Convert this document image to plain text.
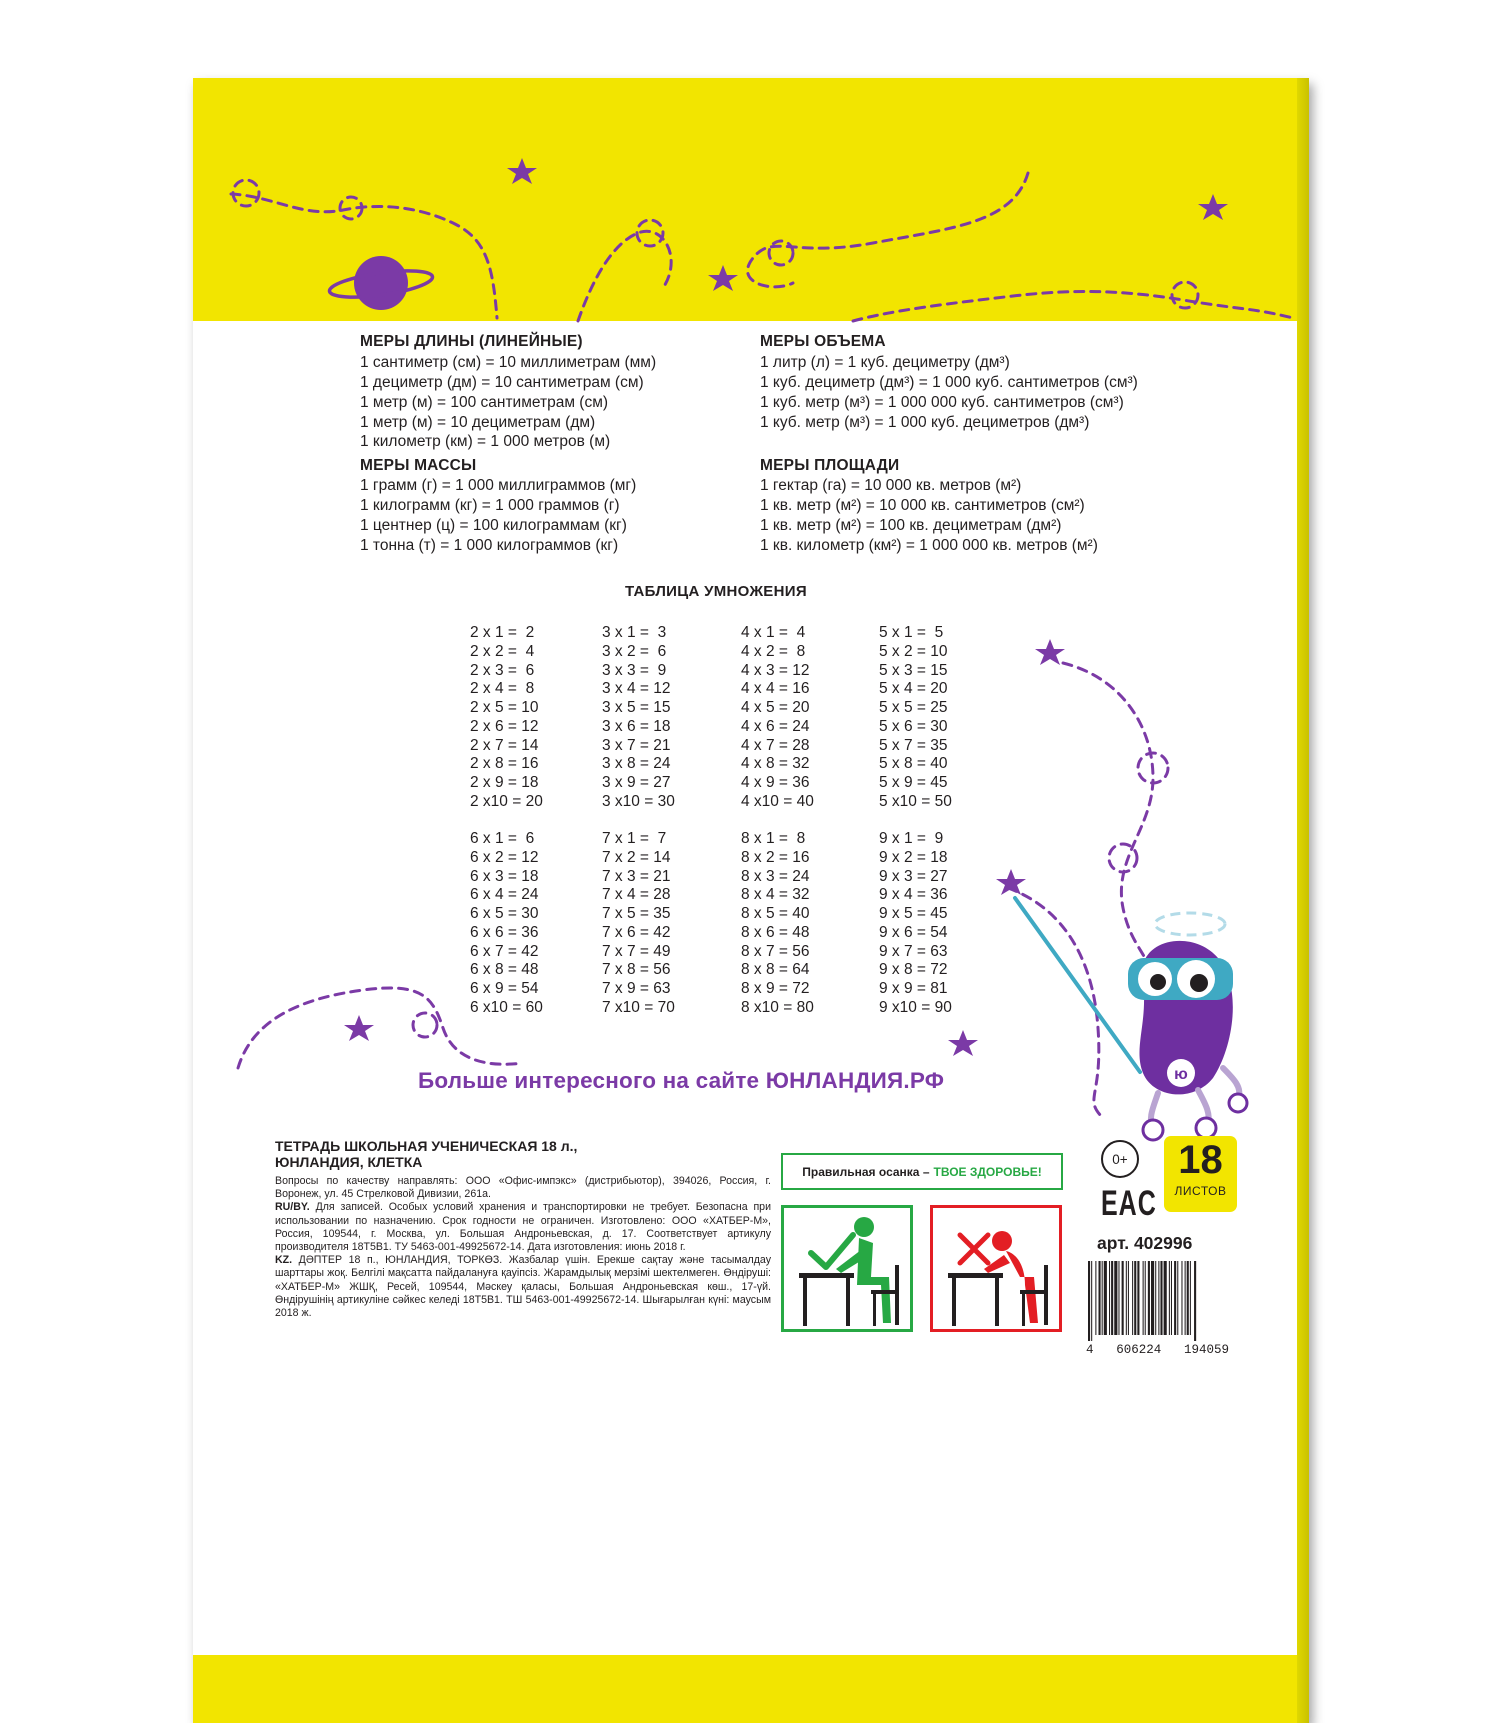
ю
МЕРЫ ДЛИНЫ (ЛИНЕЙНЫЕ)
1 сантиметр (см) = 10 миллиметрам (мм)
1 дециметр (дм) = 10 сантиметрам (см)
1 метр (м) = 100 сантиметрам (см)
1 метр (м) = 10 дециметрам (дм)
1 километр (км) = 1 000 метров (м)
МЕРЫ МАССЫ
1 грамм (г) = 1 000 миллиграммов (мг)
1 килограмм (кг) = 1 000 граммов (г)
1 центнер (ц) = 100 килограммам (кг)
1 тонна (т) = 1 000 килограммов (кг)
МЕРЫ ОБЪЕМА
1 литр (л) = 1 куб. дециметру (дм³)
1 куб. дециметр (дм³) = 1 000 куб. сантиметров (см³)
1 куб. метр (м³) = 1 000 000 куб. сантиметров (см³)
1 куб. метр (м³) = 1 000 куб. дециметров (дм³)
МЕРЫ ПЛОЩАДИ
1 гектар (га) = 10 000 кв. метров (м²)
1 кв. метр (м²) = 10 000 кв. сантиметров (см²)
1 кв. метр (м²) = 100 кв. дециметрам (дм²)
1 кв. километр (км²) = 1 000 000 кв. метров (м²)
ТАБЛИЦА УМНОЖЕНИЯ
2 x 1 =  2
2 x 2 =  4
2 x 3 =  6
2 x 4 =  8
2 x 5 = 10
2 x 6 = 12
2 x 7 = 14
2 x 8 = 16
2 x 9 = 18
2 x10 = 20
3 x 1 =  3
3 x 2 =  6
3 x 3 =  9
3 x 4 = 12
3 x 5 = 15
3 x 6 = 18
3 x 7 = 21
3 x 8 = 24
3 x 9 = 27
3 x10 = 30
4 x 1 =  4
4 x 2 =  8
4 x 3 = 12
4 x 4 = 16
4 x 5 = 20
4 x 6 = 24
4 x 7 = 28
4 x 8 = 32
4 x 9 = 36
4 x10 = 40
5 x 1 =  5
5 x 2 = 10
5 x 3 = 15
5 x 4 = 20
5 x 5 = 25
5 x 6 = 30
5 x 7 = 35
5 x 8 = 40
5 x 9 = 45
5 x10 = 50
6 x 1 =  6
6 x 2 = 12
6 x 3 = 18
6 x 4 = 24
6 x 5 = 30
6 x 6 = 36
6 x 7 = 42
6 x 8 = 48
6 x 9 = 54
6 x10 = 60
7 x 1 =  7
7 x 2 = 14
7 x 3 = 21
7 x 4 = 28
7 x 5 = 35
7 x 6 = 42
7 x 7 = 49
7 x 8 = 56
7 x 9 = 63
7 x10 = 70
8 x 1 =  8
8 x 2 = 16
8 x 3 = 24
8 x 4 = 32
8 x 5 = 40
8 x 6 = 48
8 x 7 = 56
8 x 8 = 64
8 x 9 = 72
8 x10 = 80
9 x 1 =  9
9 x 2 = 18
9 x 3 = 27
9 x 4 = 36
9 x 5 = 45
9 x 6 = 54
9 x 7 = 63
9 x 8 = 72
9 x 9 = 81
9 x10 = 90
Больше интересного на сайте ЮНЛАНДИЯ.РФ
ТЕТРАДЬ ШКОЛЬНАЯ УЧЕНИЧЕСКАЯ 18 л.,
ЮНЛАНДИЯ, КЛЕТКА

Вопросы по качеству направлять: ООО «Офис-импэкс» (дистрибьютор), 394026, Россия, г. Воронеж, ул. 45 Стрелковой Дивизии, 261а.

RU/BY. Для записей. Особых условий хранения и транспортировки не требует. Безопасна при использовании по назначению. Срок годности не ограничен. Изготовлено: ООО «ХАТБЕР-М», Россия, 109544, г. Москва, ул. Большая Андроньевская, д. 17. Соответствует артикулу производителя 18Т5В1. ТУ 5463-001-49925672-14. Дата изготовления: июнь 2018 г.

KZ. ДӘПТЕР 18 п., ЮНЛАНДИЯ, ТОРКӨЗ. Жазбалар үшін. Ерекше сақтау және тасымалдау шарттары жоқ. Белгілі мақсатта пайдалануға қауіпсіз. Жарамдылық мерзімі шектелмеген. Өндіруші: «ХАТБЕР-М» ЖШҚ, Ресей, 109544, Мәскеу қаласы, Большая Андроньевская көш., 17-үй. Өндірушінің артикуліне сәйкес келеді 18Т5В1. ТШ 5463-001-49925672-14. Шығарылған күні: маусым 2018 ж.

Правильная осанка – ТВОЕ ЗДОРОВЬЕ!
0+
EAC
18
ЛИСТОВ
арт. 402996
4 606224 194059
